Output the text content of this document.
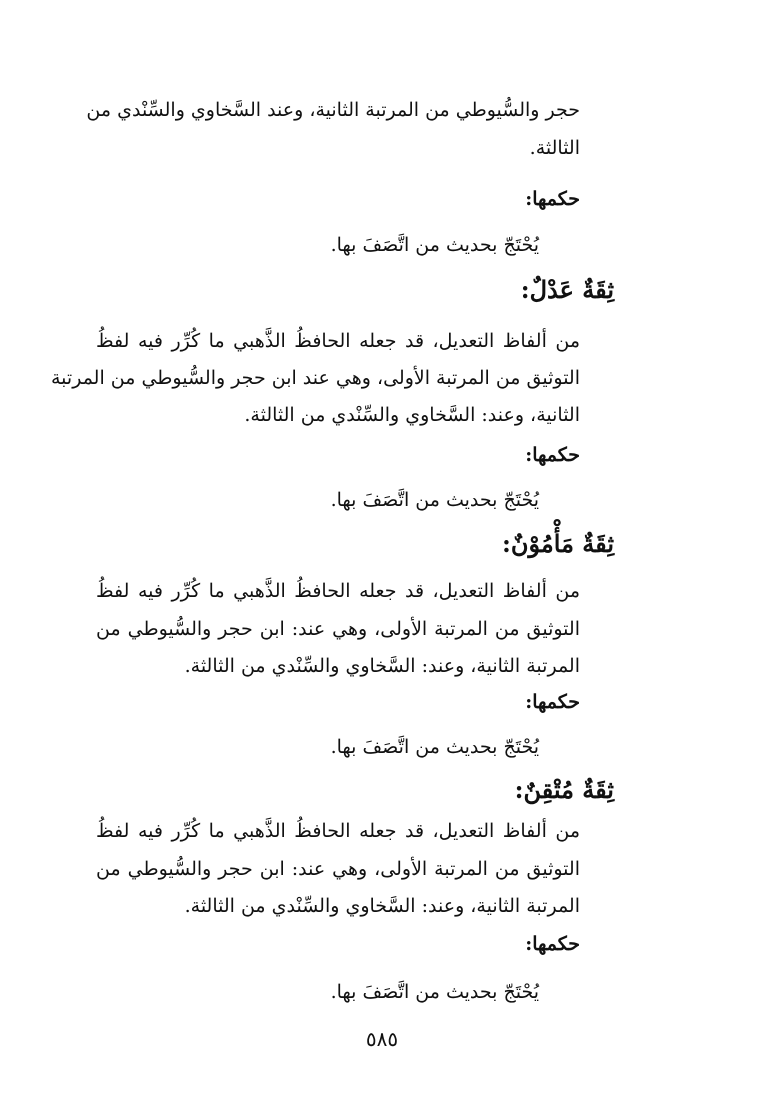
حجر والسُّيوطي من المرتبة الثانية، وعند السَّخاوي والسِّنْدي من
الثالثة.
حكمها:
يُحْتَجّ بحديث من اتَّصَفَ بها.
ثِقَةٌ عَدْلٌ:
من ألفاظ التعديل، قد جعله الحافظُ الذَّهبي ما كُرِّر فيه لفظُ
التوثيق من المرتبة الأولى، وهي عند ابن حجر والسُّيوطي من المرتبة
الثانية، وعند: السَّخاوي والسِّنْدي من الثالثة.
حكمها:
يُحْتَجّ بحديث من اتَّصَفَ بها.
ثِقَةٌ مَأْمُوْنٌ:
من ألفاظ التعديل، قد جعله الحافظُ الذَّهبي ما كُرِّر فيه لفظُ
التوثيق من المرتبة الأولى، وهي عند: ابن حجر والسُّيوطي من
المرتبة الثانية، وعند: السَّخاوي والسِّنْدي من الثالثة.
حكمها:
يُحْتَجّ بحديث من اتَّصَفَ بها.
ثِقَةٌ مُتْقِنٌ:
من ألفاظ التعديل، قد جعله الحافظُ الذَّهبي ما كُرِّر فيه لفظُ
التوثيق من المرتبة الأولى، وهي عند: ابن حجر والسُّيوطي من
المرتبة الثانية، وعند: السَّخاوي والسِّنْدي من الثالثة.
حكمها:
يُحْتَجّ بحديث من اتَّصَفَ بها.
٥٨٥
